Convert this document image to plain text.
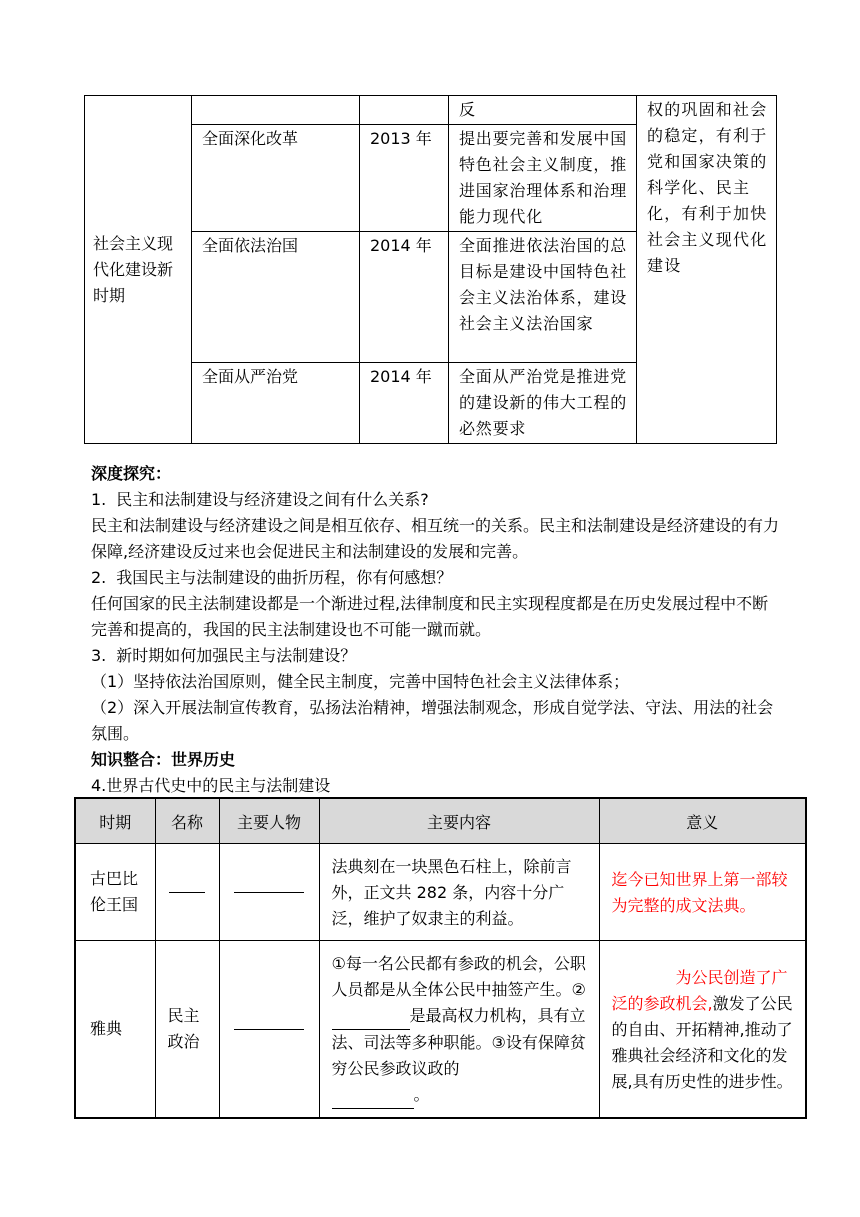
社会主义现代化建设新时期			反	权的巩固和社会的稳定，有利于党和国家决策的科学化、民主化，有利于加快社会主义现代化建设
	全面深化改革	2013 年	提出要完善和发展中国特色社会主义制度，推进国家治理体系和治理能力现代化	
	全面依法治国	2014 年	全面推进依法治国的总目标是建设中国特色社会主义法治体系，建设社会主义法治国家	
	全面从严治党	2014 年	全面从严治党是推进党的建设新的伟大工程的必然要求	

深度探究：

1. 民主和法制建设与经济建设之间有什么关系?

民主和法制建设与经济建设之间是相互依存、相互统一的关系。民主和法制建设是经济建设的有力保障,经济建设反过来也会促进民主和法制建设的发展和完善。

2. 我国民主与法制建设的曲折历程，你有何感想？

任何国家的民主法制建设都是一个渐进过程,法律制度和民主实现程度都是在历史发展过程中不断完善和提高的，我国的民主法制建设也不可能一蹴而就。

3. 新时期如何加强民主与法制建设？

（1）坚持依法治国原则，健全民主制度，完善中国特色社会主义法律体系；

（2）深入开展法制宣传教育，弘扬法治精神，增强法制观念，形成自觉学法、守法、用法的社会氛围。

知识整合：世界历史

4.世界古代史中的民主与法制建设

时期	名称	主要人物	主要内容	意义
古巴比伦王国			法典刻在一块黑色石柱上，除前言外，正文共 282 条，内容十分广泛，维护了奴隶主的利益。	迄今已知世界上第一部较为完整的成文法典。
雅典	民主政治		①每一名公民都有参政的机会，公职人员都是从全体公民中抽签产生。② 是最高权力机构，具有立法、司法等多种职能。③设有保障贫穷公民参政议政的
。	为公民创造了广泛的参政机会,激发了公民的自由、开拓精神,推动了雅典社会经济和文化的发展,具有历史性的进步性。
